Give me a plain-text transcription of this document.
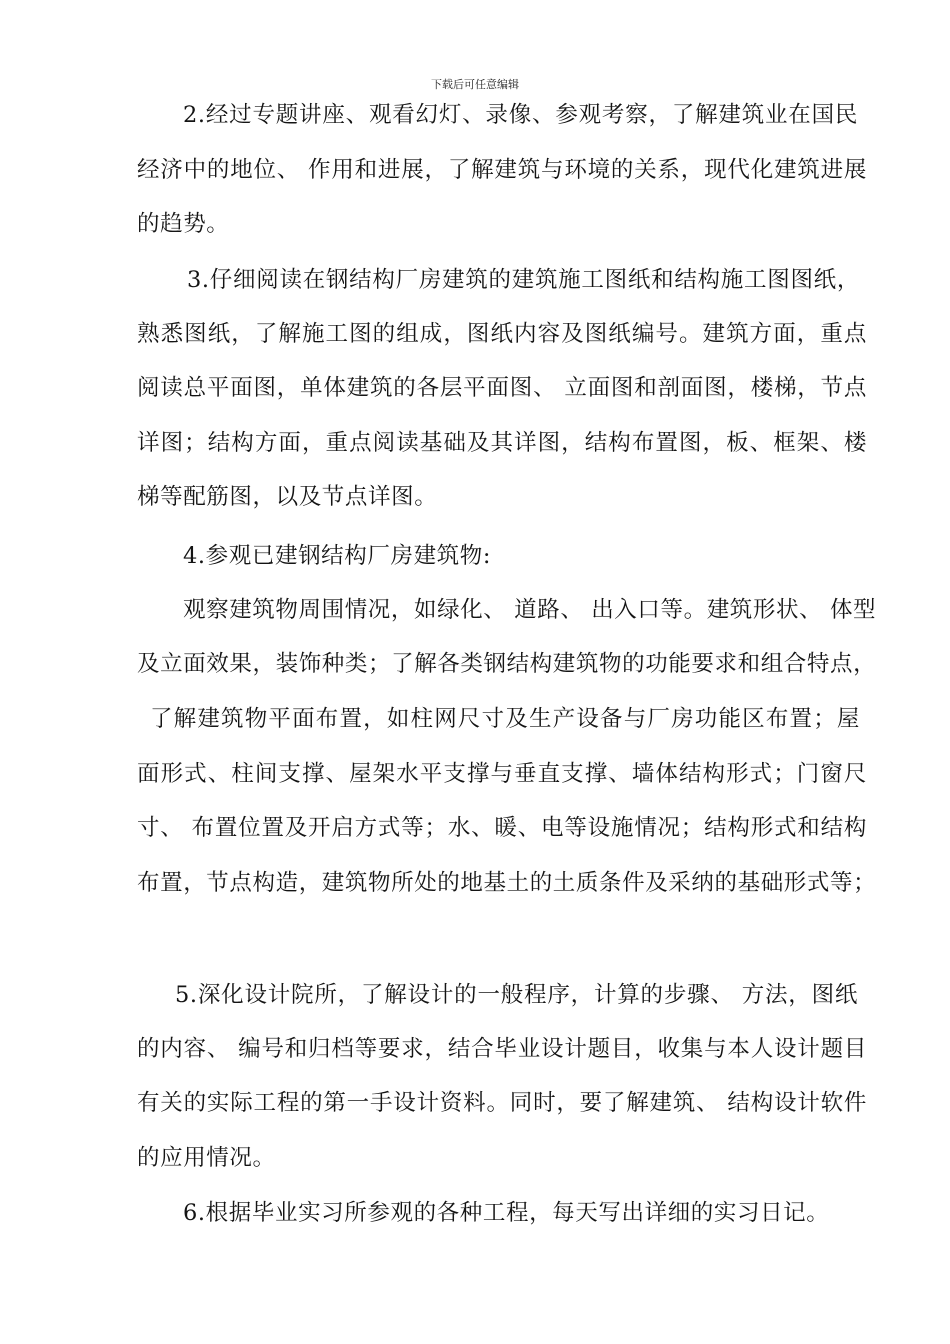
下载后可任意编辑
2.经过专题讲座、观看幻灯、录像、参观考察，了解建筑业在国民
经济中的地位、 作用和进展，了解建筑与环境的关系，现代化建筑进展
的趋势。
3.仔细阅读在钢结构厂房建筑的建筑施工图纸和结构施工图图纸，
熟悉图纸，了解施工图的组成，图纸内容及图纸编号。建筑方面，重点
阅读总平面图，单体建筑的各层平面图、 立面图和剖面图，楼梯，节点
详图；结构方面，重点阅读基础及其详图，结构布置图，板、框架、楼
梯等配筋图，以及节点详图。
4.参观已建钢结构厂房建筑物:
观察建筑物周围情况，如绿化、 道路、 出入口等。建筑形状、 体型
及立面效果，装饰种类；了解各类钢结构建筑物的功能要求和组合特点，
了解建筑物平面布置，如柱网尺寸及生产设备与厂房功能区布置；屋
面形式、柱间支撑、屋架水平支撑与垂直支撑、墙体结构形式；门窗尺
寸、 布置位置及开启方式等；水、暖、电等设施情况；结构形式和结构
布置，节点构造，建筑物所处的地基土的土质条件及采纳的基础形式等；
5.深化设计院所，了解设计的一般程序，计算的步骤、 方法，图纸
的内容、 编号和归档等要求，结合毕业设计题目，收集与本人设计题目
有关的实际工程的第一手设计资料。同时，要了解建筑、 结构设计软件
的应用情况。
6.根据毕业实习所参观的各种工程，每天写出详细的实习日记。
